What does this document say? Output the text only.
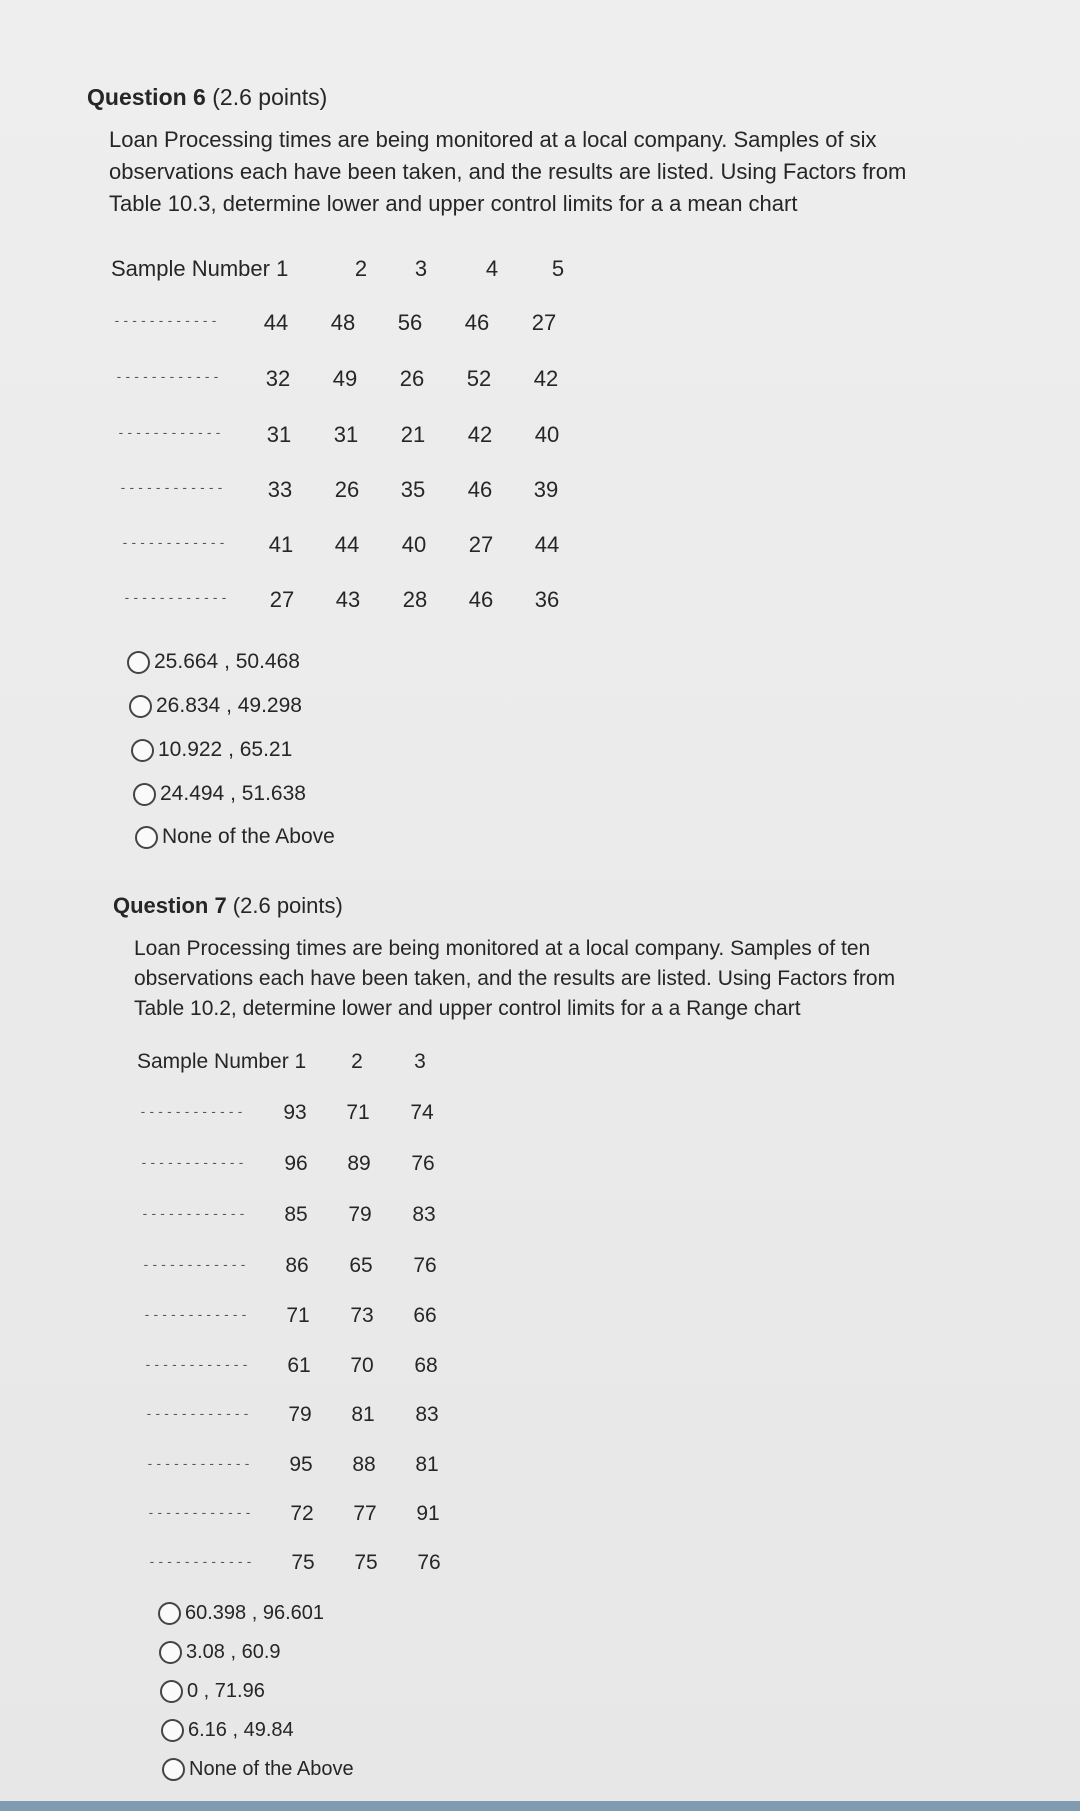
Question 6 (2.6 points)
Loan Processing times are being monitored at a local company. Samples of six
observations each have been taken, and the results are listed. Using Factors from
Table 10.3, determine lower and upper control limits for a a mean chart
Sample Number 1	2	3	4	5
------------	44	48	56	46	27
------------	32	49	26	52	42
------------	31	31	21	42	40
------------	33	26	35	46	39
------------	41	44	40	27	44
------------	27	43	28	46	36
25.664 , 50.468
26.834 , 49.298
10.922 , 65.21
24.494 , 51.638
None of the Above
Question 7 (2.6 points)
Loan Processing times are being monitored at a local company. Samples of ten
observations each have been taken, and the results are listed. Using Factors from
Table 10.2, determine lower and upper control limits for a a Range chart
Sample Number 1	2	3
------------	93	71	74
------------	96	89	76
------------	85	79	83
------------	86	65	76
------------	71	73	66
------------	61	70	68
------------	79	81	83
------------	95	88	81
------------	72	77	91
------------	75	75	76
60.398 , 96.601
3.08 , 60.9
0 , 71.96
6.16 , 49.84
None of the Above
